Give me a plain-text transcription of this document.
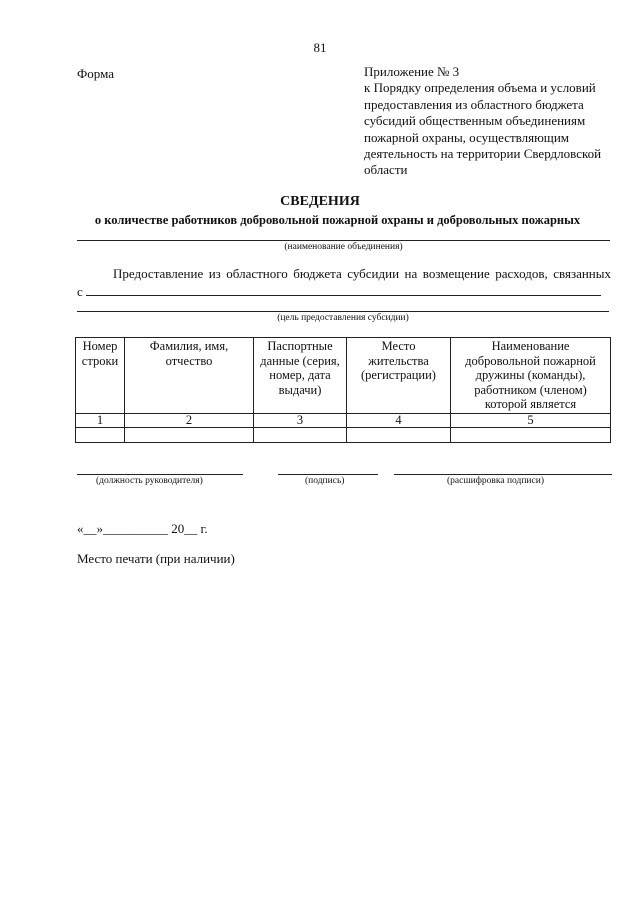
81
Форма	Приложение № 3
к Порядку определения объема и условий
предоставления из областного бюджета
субсидий общественным объединениям
пожарной охраны, осуществляющим
деятельность на территории Свердловской
области
СВЕДЕНИЯ
о количестве работников добровольной пожарной охраны и добровольных пожарных
(наименование объединения)
Предоставление из областного бюджета субсидии на возмещение расходов, связанных
с
(цель предоставления субсидии)
Номер строки	Фамилия, имя, отчество	Паспортные данные (серия, номер, дата выдачи)	Место жительства (регистрации)	Наименование добровольной пожарной дружины (команды), работником (членом) которой является
1	2	3	4	5

(должность руководителя)	(подпись)	(расшифровка подписи)
«__»__________ 20__ г.
Место печати (при наличии)
